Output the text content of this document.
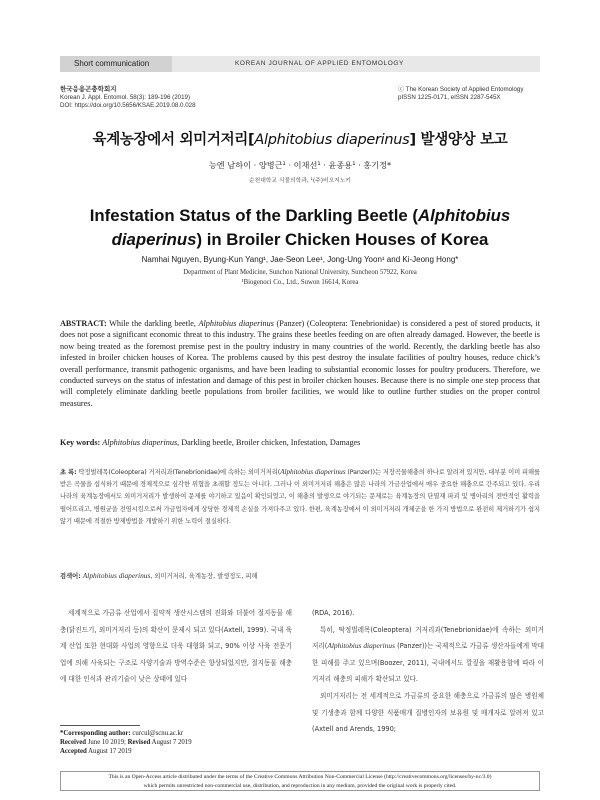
Short communication	KOREAN JOURNAL OF APPLIED ENTOMOLOGY
한국응용곤충학회지
Korean J. Appl. Entomol. 58(3): 189-196 (2019)
DOI: https://doi.org/10.5656/KSAE.2019.08.0.028
ⓒ The Korean Society of Applied Entomology
pISSN 1225-0171, eISSN 2287-545X
육계농장에서 외미거저리[Alphitobius diaperinus] 발생양상 보고
능엔 남하이 · 양병근¹ · 이재선¹ · 윤종용¹ · 홍기정*
순천대학교 식물의학과, ¹(주)비오지노키
Infestation Status of the Darkling Beetle (Alphitobius diaperinus) in Broiler Chicken Houses of Korea
Namhai Nguyen, Byung-Kun Yang¹, Jae-Seon Lee¹, Jong-Ung Yoon¹ and Ki-Jeong Hong*
Department of Plant Medicine, Sunchon National University, Suncheon 57922, Korea
¹Biogenoci Co., Ltd., Suwon 16614, Korea
ABSTRACT: While the darkling beetle, Alphitobius diaperinus (Panzer) (Coleoptera: Tenebrionidae) is considered a pest of stored products, it does not pose a significant economic threat to this industry. The grains these beetles feeding on are often already damaged. However, the beetle is now being treated as the foremost premise pest in the poultry industry in many countries of the world. Recently, the darkling beetle has also infested in broiler chicken houses of Korea. The problems caused by this pest destroy the insulate facilities of poultry houses, reduce chick’s overall performance, transmit pathogenic organisms, and have been leading to substantial economic losses for poultry producers. Therefore, we conducted surveys on the status of infestation and damage of this pest in broiler chicken houses. Because there is no simple one step process that will completely eliminate darkling beetle populations from broiler facilities, we would like to outline further studies on the proper control measures.
Key words: Alphitobius diaperinus, Darkling beetle, Broiler chicken, Infestation, Damages
초 록: 딱정벌레목(Coleoptera) 거저리과(Tenebrionidae)에 속하는 외미거저리(Alphitobius diaperinus (Panzer))는 저장곡물해충의 하나로 알려져 있지만, 대부분 이미 피해를 받은 곡물을 섭식하기 때문에 경제적으로 심각한 위협을 초래할 정도는 아니다. 그러나 이 외미거저리 해충은 많은 나라의 가금산업에서 매우 중요한 해충으로 간주되고 있다. 우리나라의 육계농장에서도 외미거저리가 발생하여 문제를 야기하고 있음이 확인되었고, 이 해충의 발생으로 야기되는 문제로는 육계농장의 단열재 파괴 및 병아리의 전반적인 활력을 떨어뜨리고, 병원균을 전염시킴으로써 가금업자에게 상당한 경제적 손실을 가져다주고 있다. 한편, 육계농장에서 이 외미거저리 개체군을 한 가지 방법으로 완전히 제거하기가 쉽지 않기 때문에 적절한 방제방법을 개발하기 위한 노력이 절실하다.
검색어: Alphitobius diaperinus, 외미거저리, 육계농장, 발생정도, 피해
세계적으로 가금류 산업에서 집약적 생산시스템의 진화와 더불어 절지동물 해충(닭진드기, 외미거저리 등)의 확산이 문제시 되고 있다(Axtell, 1999). 국내 육계 산업 또한 현대화 사업의 영향으로 더욱 대형화 되고, 90% 이상 사육 전문기업에 의해 사육되는 구조로 사양기술과 방역수준은 향상되었지만, 절지동물 해충에 대한 인식과 관리기술이 낮은 상태에 있다

(RDA, 2016).

특히, 딱정벌레목(Coleoptera) 거저리과(Tenebrionidae)에 속하는 외미거저리(Alphitobius diaperinus (Panzer))는 국제적으로 가금류 생산자들에게 막대한 피해를 주고 있으며(Boozer, 2011), 국내에서도 깔짚을 재활용함에 따라 이 거저리 해충의 피해가 확산되고 있다.

외미거저리는 전 세계적으로 가금류의 중요한 해충으로 가금류의 많은 병원체 및 기생충과 함께 다양한 식품매개 질병인자의 보유원 및 매개자로 알려져 있고(Axtell and Arends, 1990;

*Corresponding author: curcul@scnu.ac.kr
Received June 10 2019; Revised August 7 2019
Accepted August 17 2019
This is an Open-Access article distributed under the terms of the Creative Commons Attribution Non-Commercial License (http://creativecommons.org/licenses/by-nc/3.0)
which permits unrestricted non-commercial use, distribution, and reproduction in any medium, provided the original work is properly cited.
